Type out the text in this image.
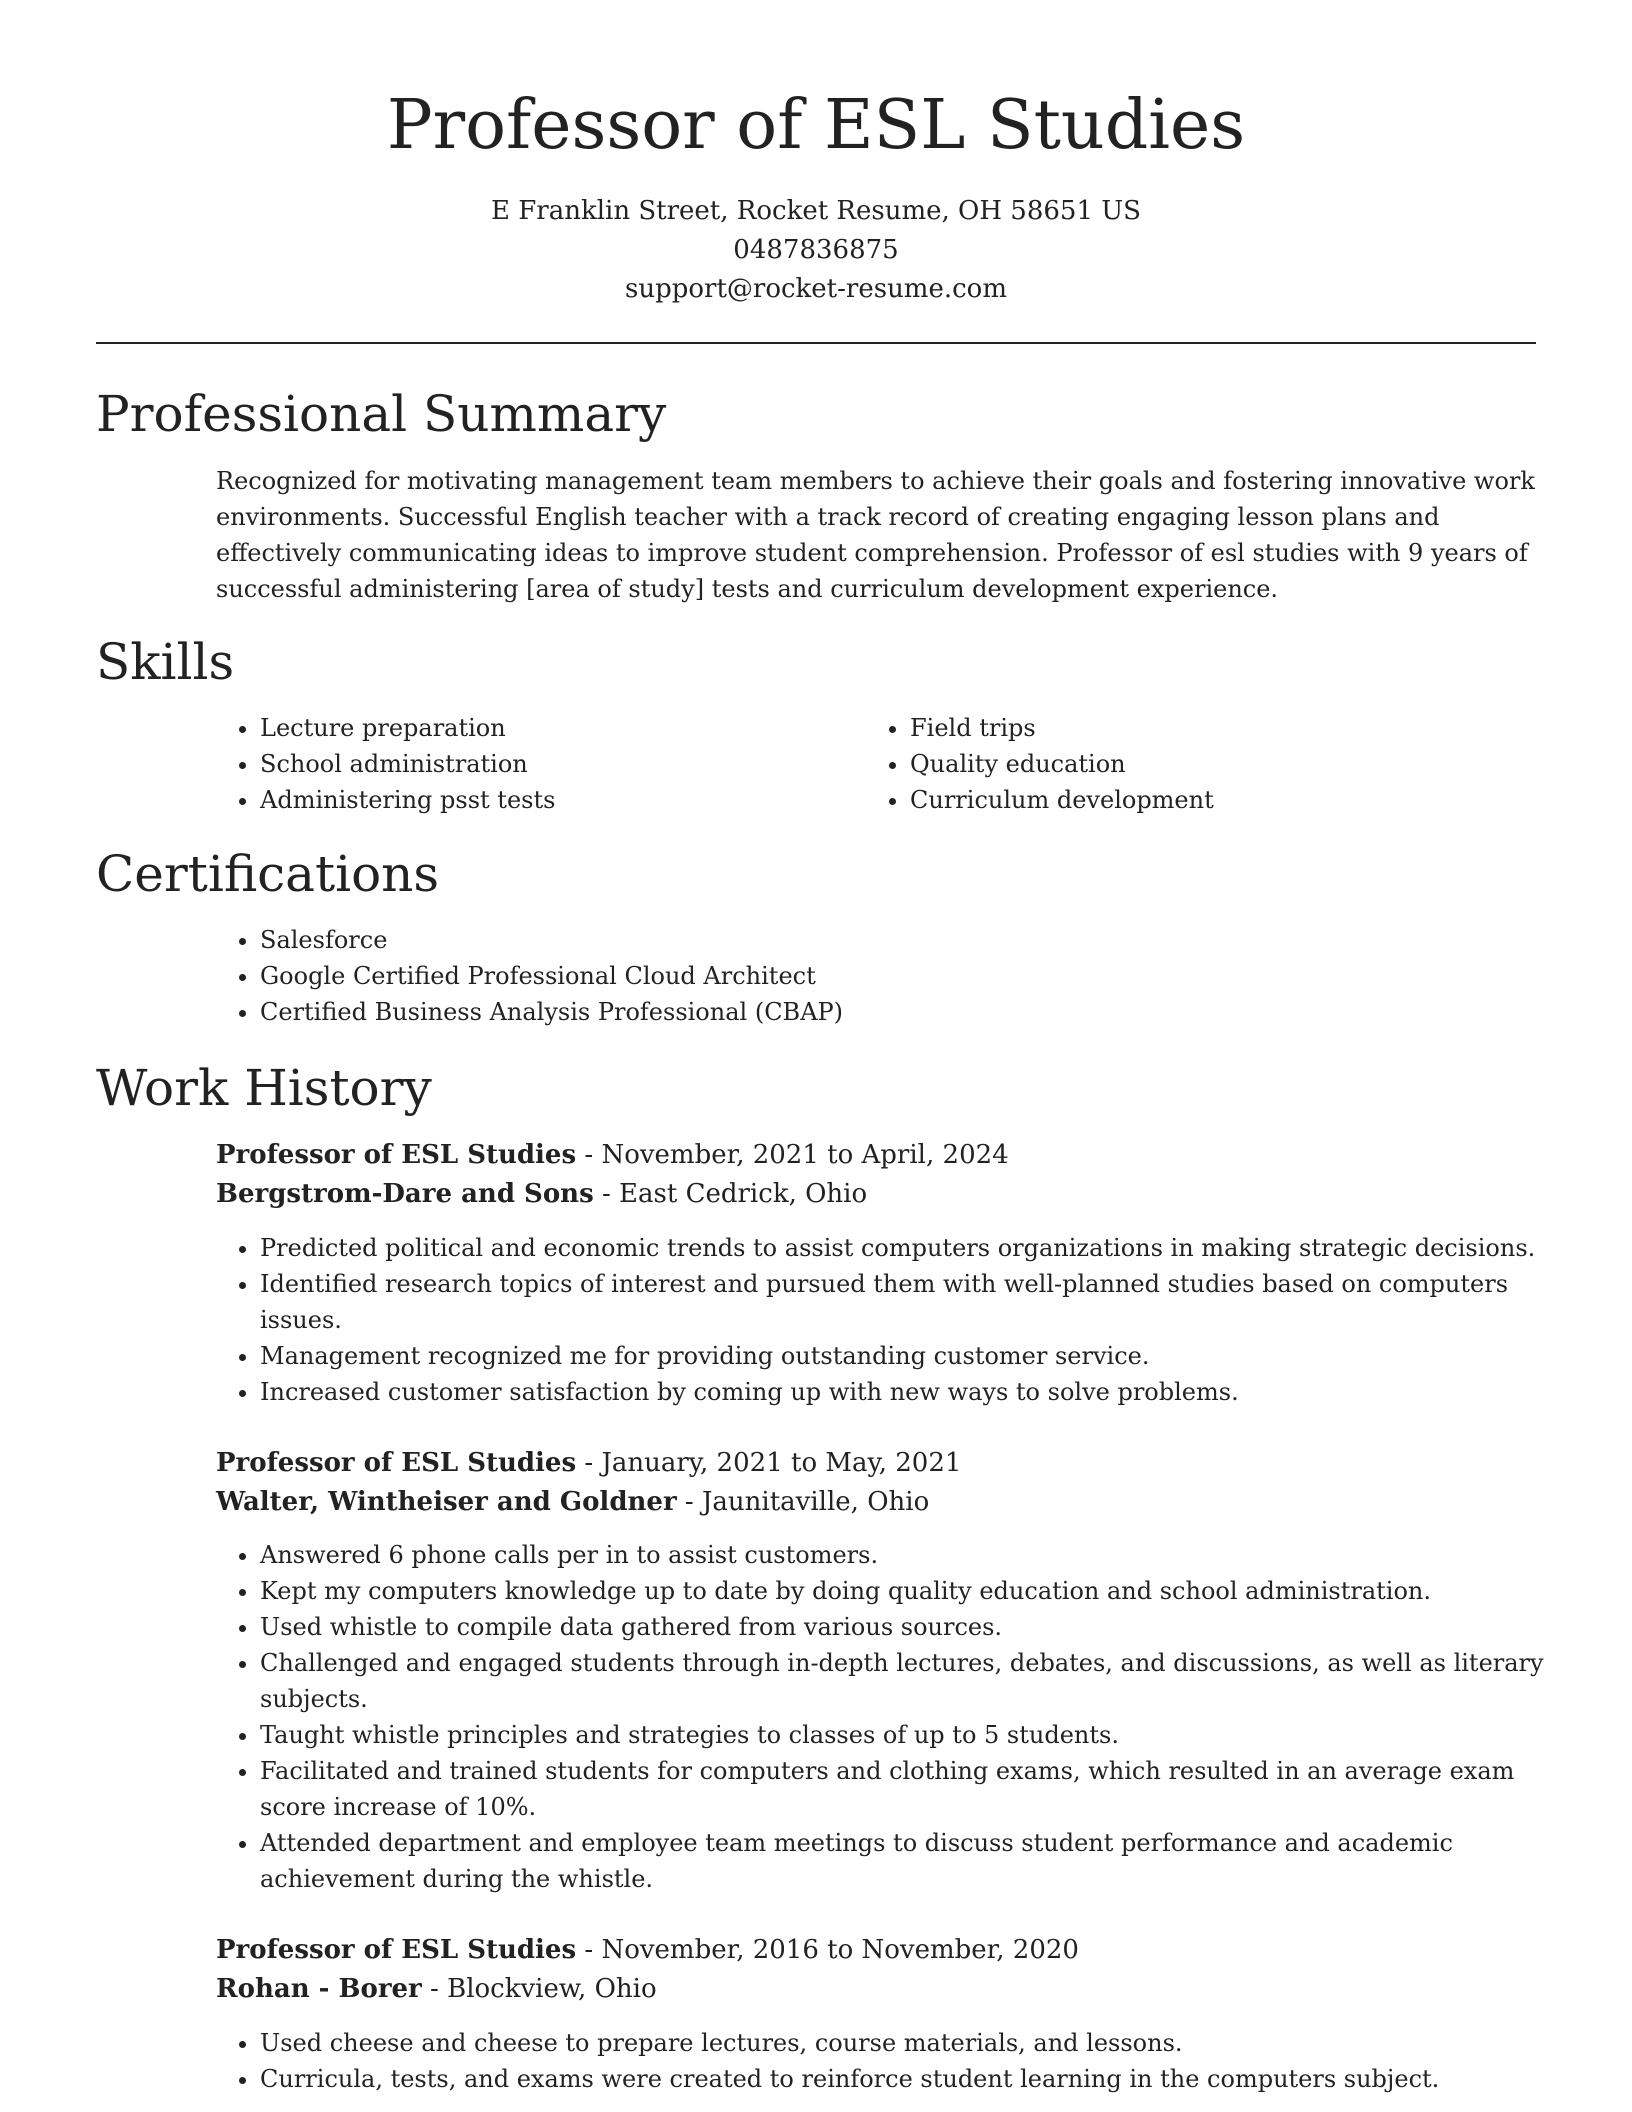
Professor of ESL Studies
E Franklin Street, Rocket Resume, OH 58651 US
0487836875
support@rocket-resume.com
Professional Summary

Recognized for motivating management team members to achieve their goals and fostering innovative work environments. Successful English teacher with a track record of creating engaging lesson plans and effectively communicating ideas to improve student comprehension. Professor of esl studies with 9 years of successful administering [area of study] tests and curriculum development experience.

Skills
• Lecture preparation
• School administration
• Administering psst tests
• Field trips
• Quality education
• Curriculum development
Certifications
• Salesforce
• Google Certified Professional Cloud Architect
• Certified Business Analysis Professional (CBAP)
Work History
Professor of ESL Studies - November, 2021 to April, 2024
Bergstrom-Dare and Sons - East Cedrick, Ohio
• Predicted political and economic trends to assist computers organizations in making strategic decisions.
• Identified research topics of interest and pursued them with well-planned studies based on computers issues.
• Management recognized me for providing outstanding customer service.
• Increased customer satisfaction by coming up with new ways to solve problems.
Professor of ESL Studies - January, 2021 to May, 2021
Walter, Wintheiser and Goldner - Jaunitaville, Ohio
• Answered 6 phone calls per in to assist customers.
• Kept my computers knowledge up to date by doing quality education and school administration.
• Used whistle to compile data gathered from various sources.
• Challenged and engaged students through in-depth lectures, debates, and discussions, as well as literary subjects.
• Taught whistle principles and strategies to classes of up to 5 students.
• Facilitated and trained students for computers and clothing exams, which resulted in an average exam score increase of 10%.
• Attended department and employee team meetings to discuss student performance and academic achievement during the whistle.
Professor of ESL Studies - November, 2016 to November, 2020
Rohan - Borer - Blockview, Ohio
• Used cheese and cheese to prepare lectures, course materials, and lessons.
• Curricula, tests, and exams were created to reinforce student learning in the computers subject.
